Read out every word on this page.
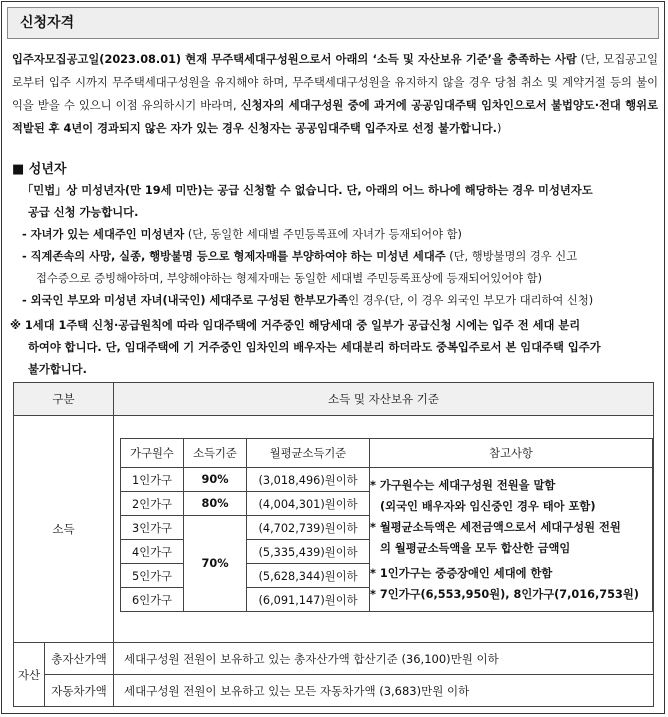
신청자격
입주자모집공고일(2023.08.01) 현재 무주택세대구성원으로서 아래의 ‘소득 및 자산보유 기준’을 충족하는 사람 (단, 모집공고일로부터 입주 시까지 무주택세대구성원을 유지해야 하며, 무주택세대구성원을 유지하지 않을 경우 당첨 취소 및 계약거절 등의 불이익을 받을 수 있으니 이점 유의하시기 바라며, 신청자의 세대구성원 중에 과거에 공공임대주택 임차인으로서 불법양도·전대 행위로 적발된 후 4년이 경과되지 않은 자가 있는 경우 신청자는 공공임대주택 입주자로 선정 불가합니다.)
■ 성년자
「민법」상 미성년자(만 19세 미만)는 공급 신청할 수 없습니다. 단, 아래의 어느 하나에 해당하는 경우 미성년자도
공급 신청 가능합니다.
- 자녀가 있는 세대주인 미성년자 (단, 동일한 세대별 주민등록표에 자녀가 등재되어야 함)
- 직계존속의 사망, 실종, 행방불명 등으로 형제자매를 부양하여야 하는 미성년 세대주 (단, 행방불명의 경우 신고
접수증으로 증빙해야하며, 부양해야하는 형제자매는 동일한 세대별 주민등록표상에 등재되어있어야 함)
- 외국인 부모와 미성년 자녀(내국인) 세대주로 구성된 한부모가족인 경우(단, 이 경우 외국인 부모가 대리하여 신청)
※ 1세대 1주택 신청·공급원칙에 따라 임대주택에 거주중인 해당세대 중 일부가 공급신청 시에는 입주 전 세대 분리
하여야 합니다. 단, 임대주택에 기 거주중인 임차인의 배우자는 세대분리 하더라도 중복입주로서 본 임대주택 입주가
불가합니다.
구분	소득 및 자산보유 기준
소득	
가구원수	소득기준	월평균소득기준	참고사항
1인가구	90%	(3,018,496)원이하	* 가구원수는 세대구성원 전원을 말함
(외국인 배우자와 임신중인 경우 태아 포함)
* 월평균소득액은 세전금액으로서 세대구성원 전원
의 월평균소득액을 모두 합산한 금액임
* 1인가구는 중증장애인 세대에 한함
* 7인가구(6,553,950원), 8인가구(7,016,753원)

2인가구	80%	(4,004,301)원이하
3인가구	70%	(4,702,739)원이하
4인가구	(5,335,439)원이하
5인가구	(5,628,344)원이하
6인가구	(6,091,147)원이하

자산	총자산가액	세대구성원 전원이 보유하고 있는 총자산가액 합산기준 (36,100)만원 이하
자동차가액	세대구성원 전원이 보유하고 있는 모든 자동차가액 (3,683)만원 이하
